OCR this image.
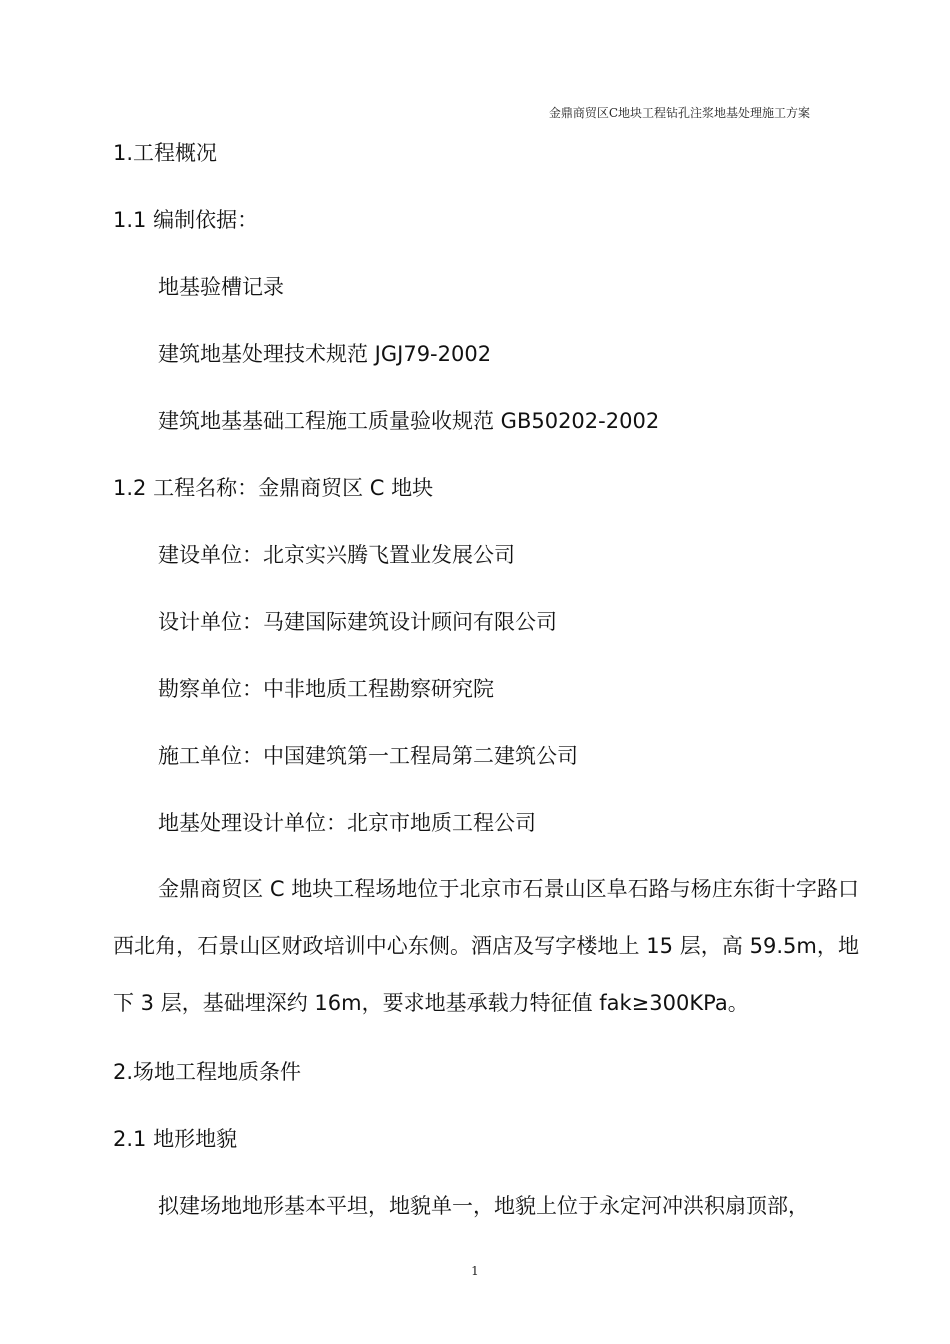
金鼎商贸区C地块工程钻孔注浆地基处理施工方案
1.工程概况
1.1 编制依据：
地基验槽记录
建筑地基处理技术规范 JGJ79-2002
建筑地基基础工程施工质量验收规范 GB50202-2002
1.2 工程名称：金鼎商贸区 C 地块
建设单位：北京实兴腾飞置业发展公司
设计单位：马建国际建筑设计顾问有限公司
勘察单位：中非地质工程勘察研究院
施工单位：中国建筑第一工程局第二建筑公司
地基处理设计单位：北京市地质工程公司

金鼎商贸区 C 地块工程场地位于北京市石景山区阜石路与杨庄东街十字路口西北角，石景山区财政培训中心东侧。酒店及写字楼地上 15 层，高 59.5m，地下 3 层，基础埋深约 16m，要求地基承载力特征值 fak≥300KPa。

2.场地工程地质条件
2.1 地形地貌

拟建场地地形基本平坦，地貌单一，地貌上位于永定河冲洪积扇顶部，

1
